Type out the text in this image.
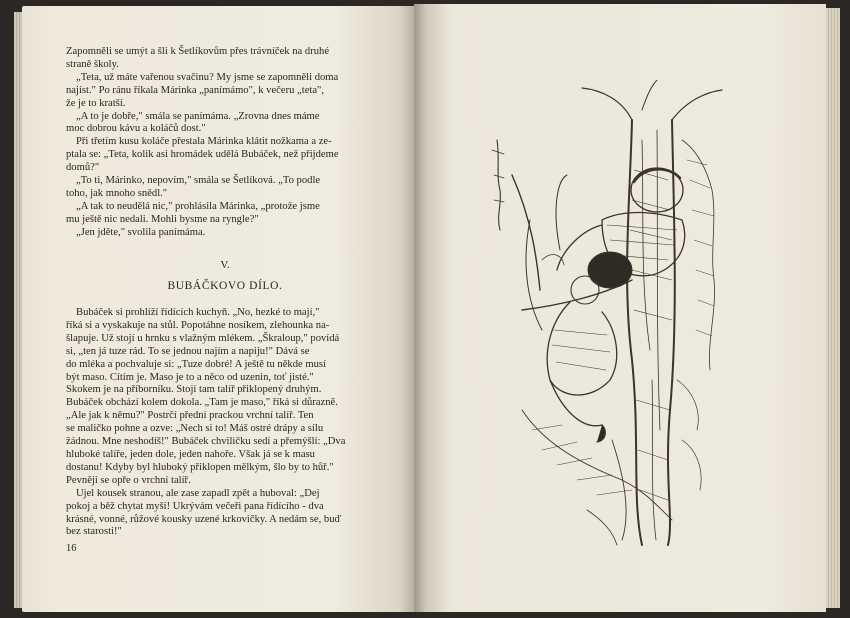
Zapomněli se umýt a šli k Šetlíkovům přes trávníček na druhé
straně školy.

„Teta, už máte vařenou svačinu? My jsme se zapomněli doma
najíst." Po ránu říkala Márinka „panímámo", k večeru „teta",
že je to kratší.

„A to je dobře," smála se panímáma. „Zrovna dnes máme
moc dobrou kávu a koláčů dost."

Při třetím kusu koláče přestala Márinka klátit nožkama a ze-
ptala se: „Teta, kolik asi hromádek udělá Bubáček, než přijdeme
domů?"

„To ti, Márinko, nepovím," smála se Šetlíková. „To podle
toho, jak mnoho snědl."

„A tak to neudělá nic," prohlásila Márinka, „protože jsme
mu ještě nic nedali. Mohli bysme na ryngle?"

„Jen jděte," svolila panímáma.

V.
BUBÁČKOVO DÍLO.

Bubáček si prohlíží řídících kuchyň. „No, hezké to mají,"
říká si a vyskakuje na stůl. Popotáhne nosíkem, zlehounka na-
šlapuje. Už stojí u hrnku s vlažným mlékem. „Škraloup," povídá
si, „ten já tuze rád. To se jednou najím a napiju!" Dává se
do mléka a pochvaluje si: „Tuze dobré! A ještě tu někde musí
být maso. Cítím je. Maso je to a něco od uzenin, toť jisté."
Skokem je na příborníku. Stojí tam talíř přiklopený druhým.
Bubáček obchází kolem dokola. „Tam je maso," říká si důrazně.
„Ale jak k němu?" Postrčí přední prackou vrchní talíř. Ten
se maličko pohne a ozve: „Nech si to! Máš ostré drápy a sílu
žádnou. Mne neshodíš!" Bubáček chviličku sedí a přemýšlí: „Dva
hluboké talíře, jeden dole, jeden nahoře. Však já se k masu
dostanu! Kdyby byl hluboký přiklopen mělkým, šlo by to hůř."
Pevněji se opře o vrchní talíř.

Ujel kousek stranou, ale zase zapadl zpět a huboval: „Dej
pokoj a běž chytat myši! Ukrývám večeři pana řídícího - dva
krásné, vonné, růžové kousky uzené krkovičky. A nedám se, buď
bez starosti!"

16
